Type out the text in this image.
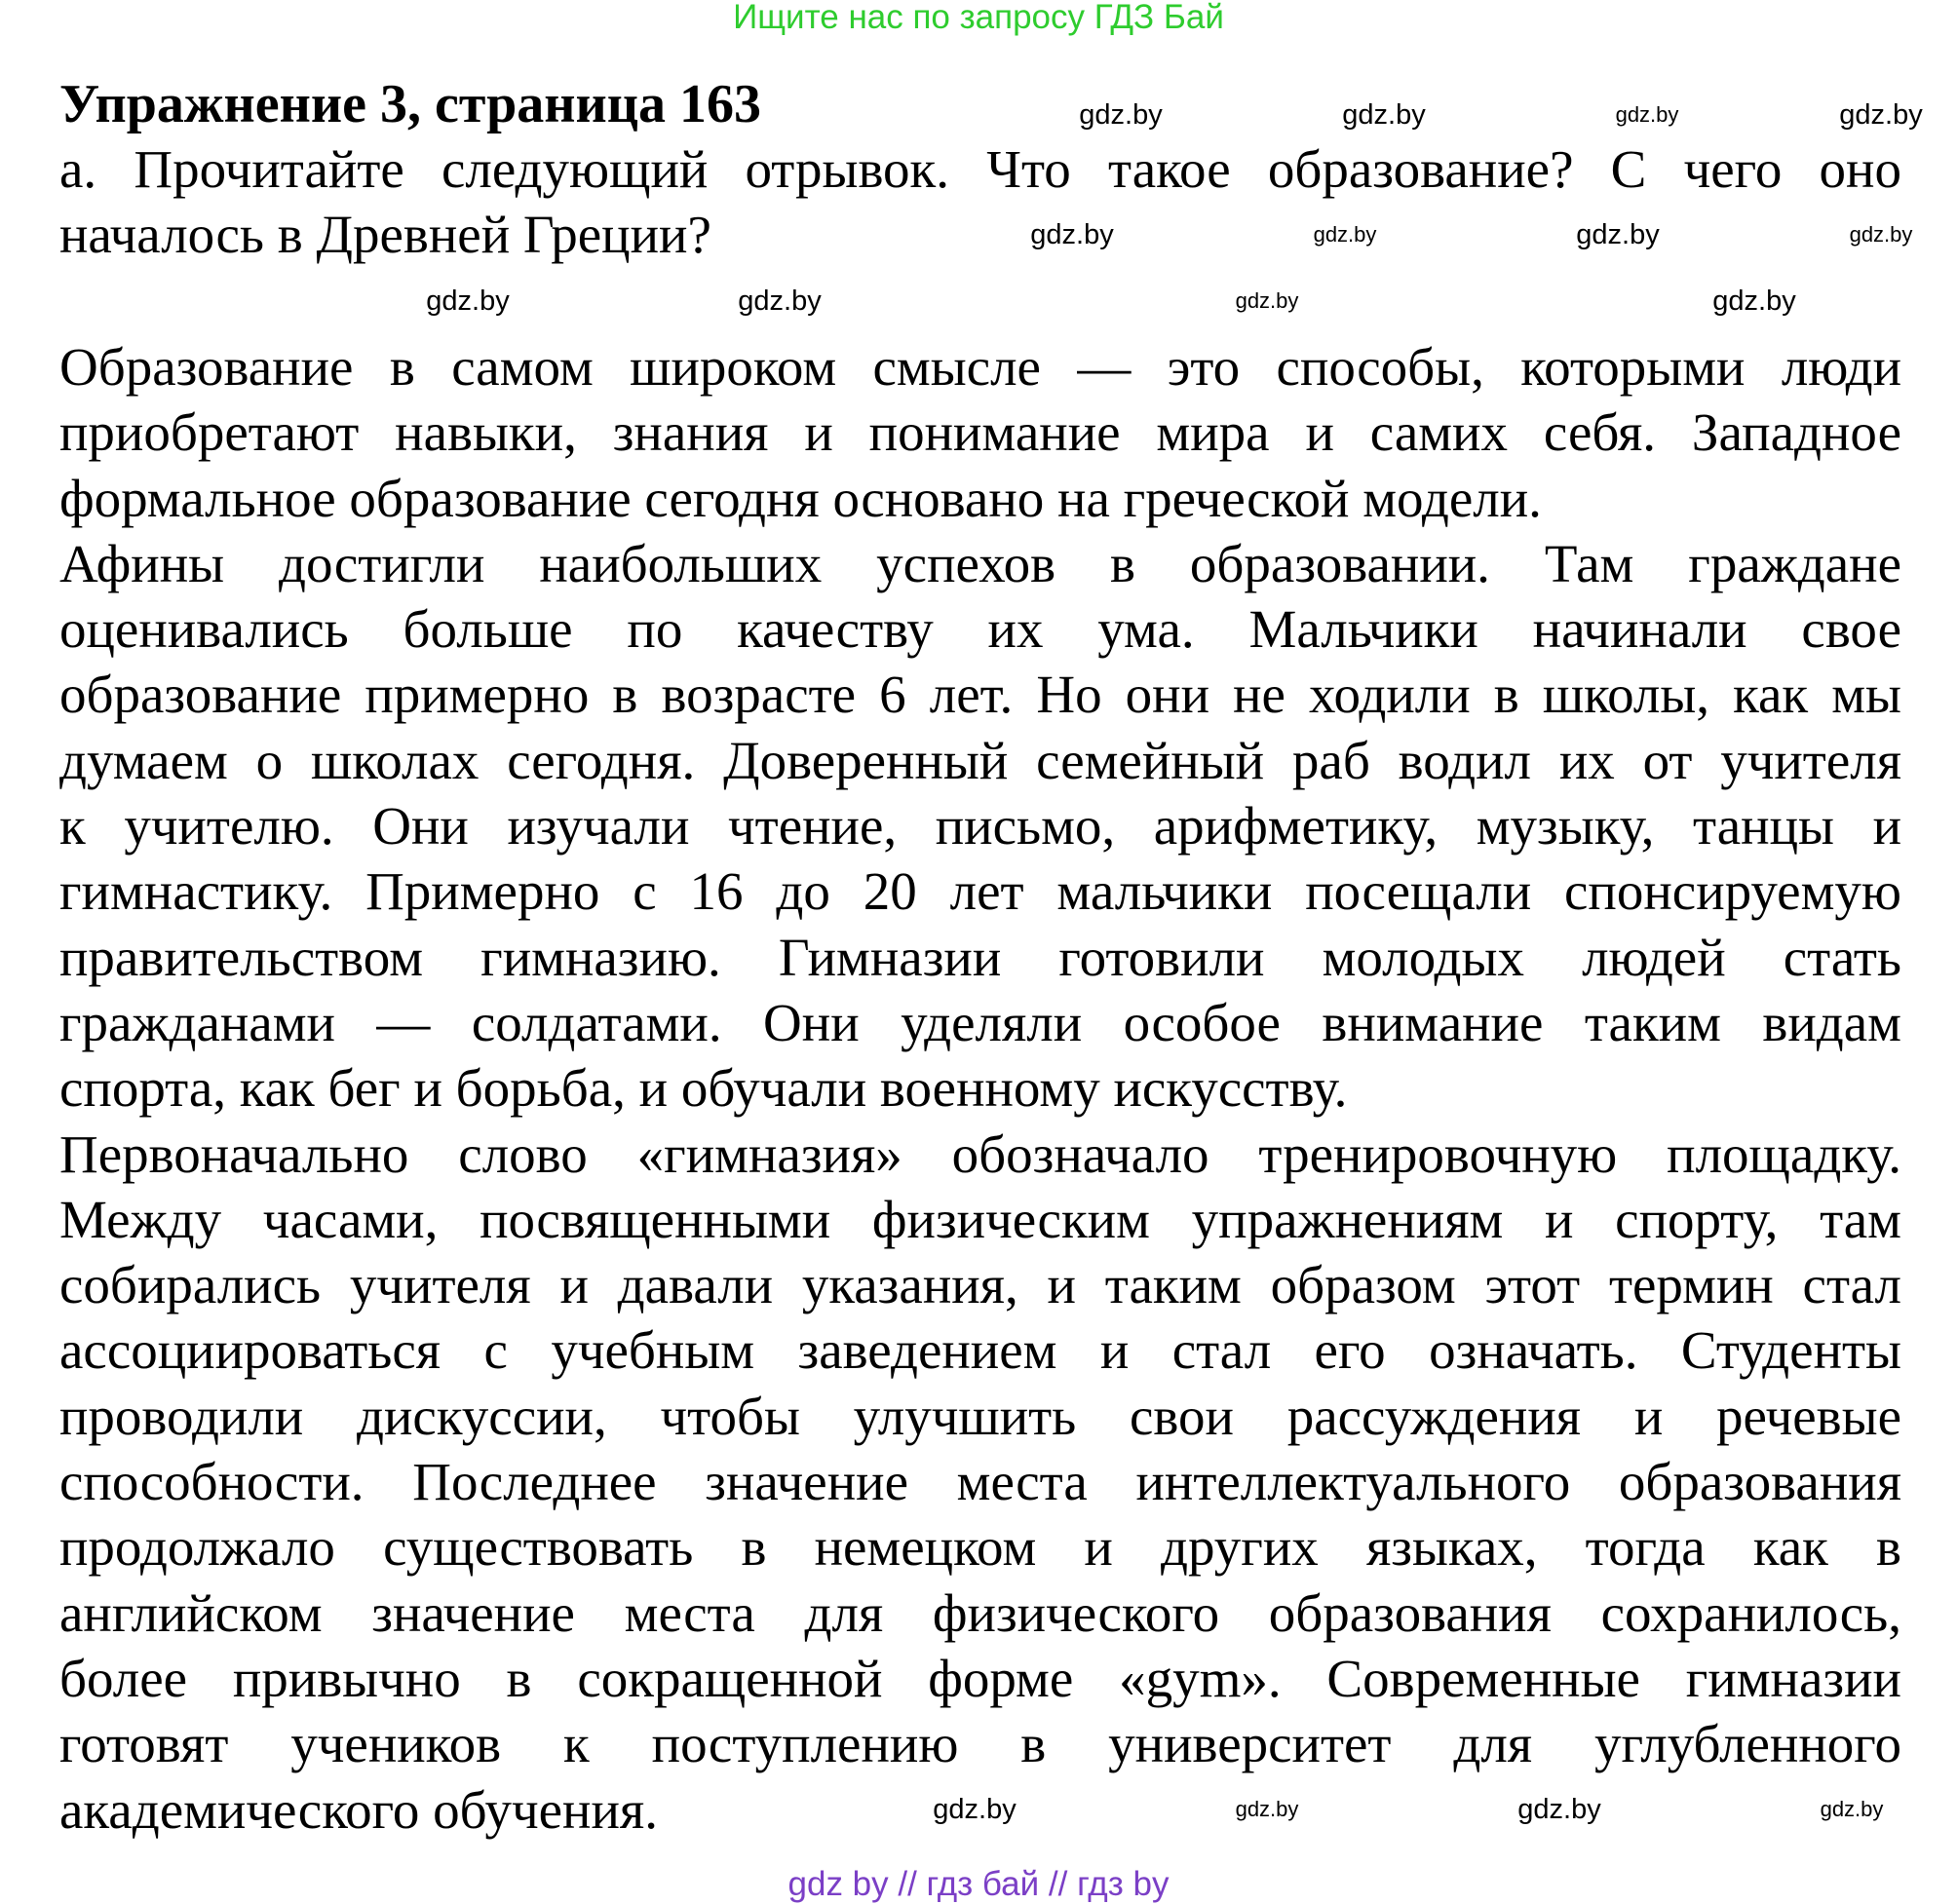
Ищите нас по запросу ГДЗ Бай
Упражнение 3, страница 163
а. Прочитайте следующий отрывок. Что такое образование? С чего оно
началось в Древней Греции?
Образование в самом широком смысле — это способы, которыми люди
приобретают навыки, знания и понимание мира и самих себя. Западное
формальное образование сегодня основано на греческой модели.
Афины достигли наибольших успехов в образовании. Там граждане
оценивались больше по качеству их ума. Мальчики начинали свое
образование примерно в возрасте 6 лет. Но они не ходили в школы, как мы
думаем о школах сегодня. Доверенный семейный раб водил их от учителя
к учителю. Они изучали чтение, письмо, арифметику, музыку, танцы и
гимнастику. Примерно с 16 до 20 лет мальчики посещали спонсируемую
правительством гимназию. Гимназии готовили молодых людей стать
гражданами — солдатами. Они уделяли особое внимание таким видам
спорта, как бег и борьба, и обучали военному искусству.
Первоначально слово «гимназия» обозначало тренировочную площадку.
Между часами, посвященными физическим упражнениям и спорту, там
собирались учителя и давали указания, и таким образом этот термин стал
ассоциироваться с учебным заведением и стал его означать. Студенты
проводили дискуссии, чтобы улучшить свои рассуждения и речевые
способности. Последнее значение места интеллектуального образования
продолжало существовать в немецком и других языках, тогда как в
английском значение места для физического образования сохранилось,
более привычно в сокращенной форме «gym». Современные гимназии
готовят учеников к поступлению в университет для углубленного
академического обучения.
gdz.by	gdz.by	gdz.by	gdz.by
gdz.by	gdz.by	gdz.by	gdz.by
gdz.by	gdz.by	gdz.by	gdz.by
gdz.by	gdz.by	gdz.by	gdz.by
gdz by // гдз бай // гдз by
